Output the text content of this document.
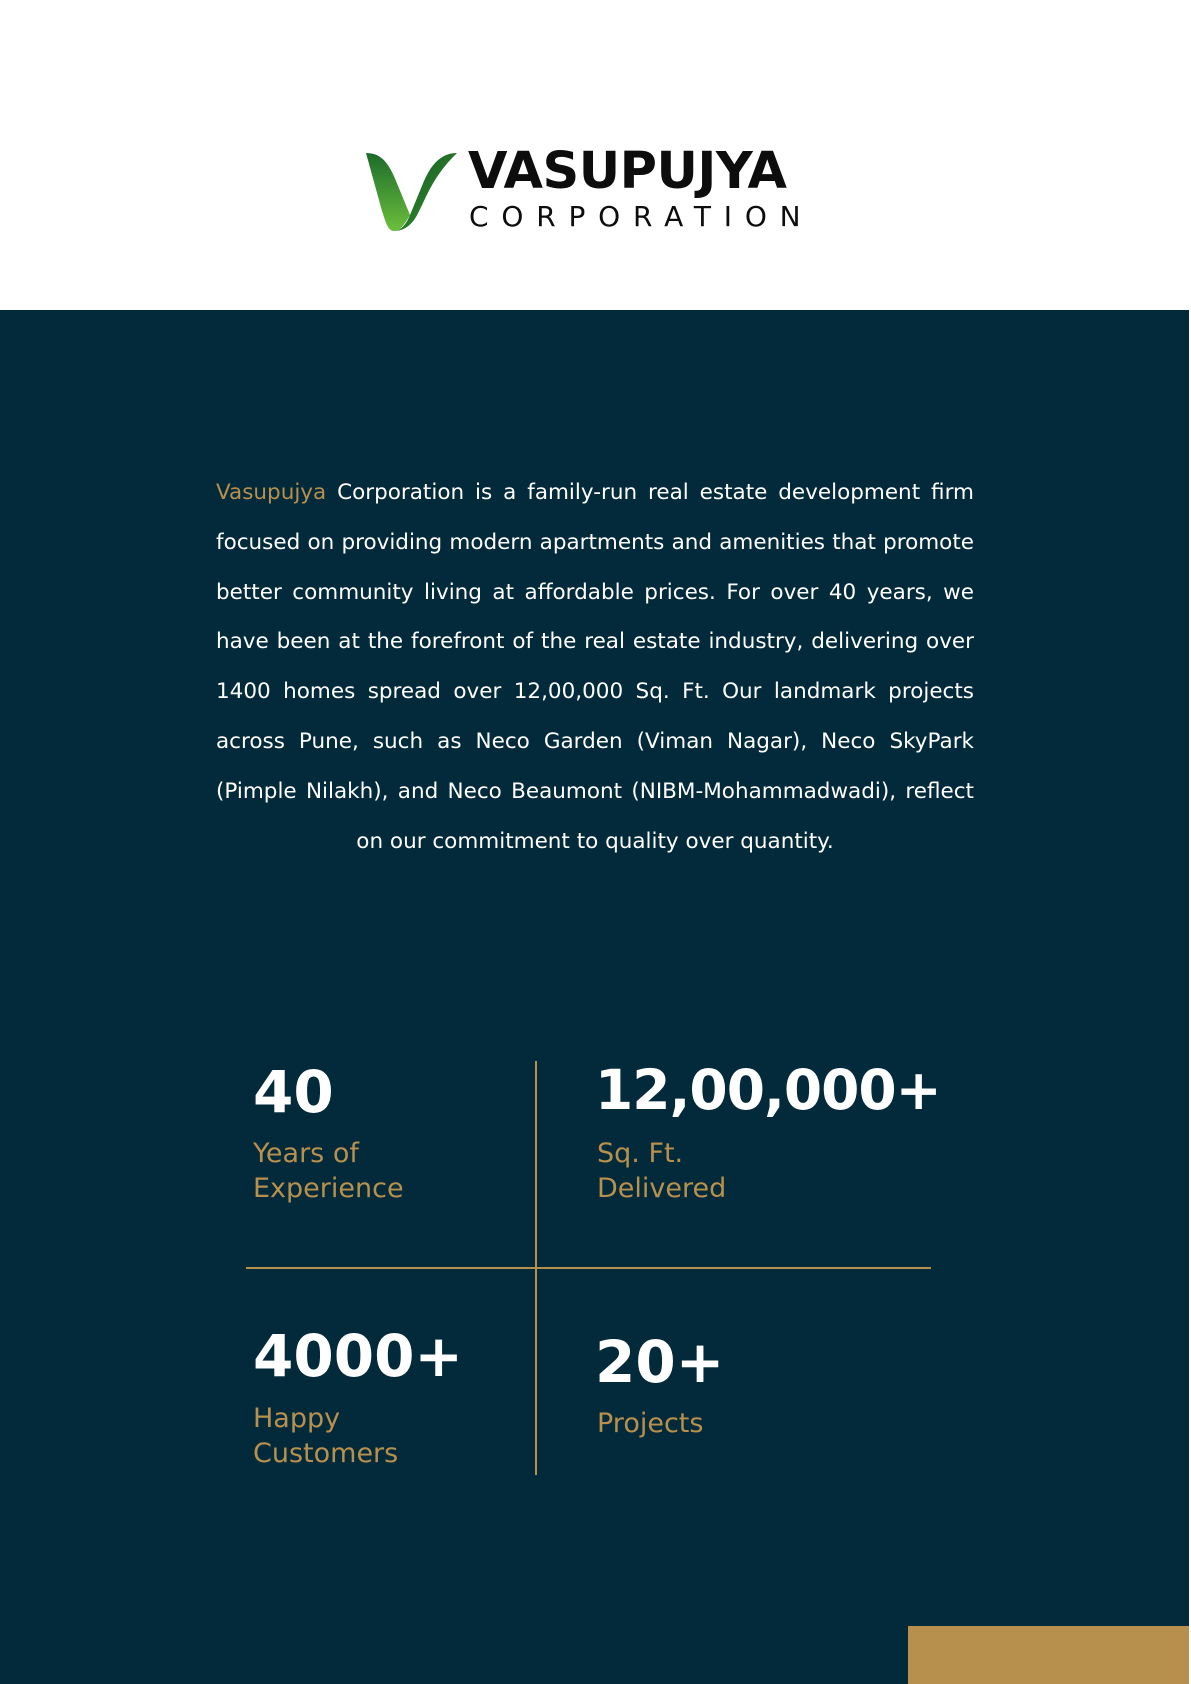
VASUPUJYA
CORPORATION

Vasupujya Corporation is a family-run real estate development firm focused on providing modern apartments and amenities that promote better community living at affordable prices. For over 40 years, we have been at the forefront of the real estate industry, delivering over 1400 homes spread over 12,00,000 Sq. Ft. Our landmark projects across Pune, such as Neco Garden (Viman Nagar), Neco SkyPark (Pimple Nilakh), and Neco Beaumont (NIBM-Mohammadwadi), reflect on our commitment to quality over quantity.

40
Years of
Experience
12,00,000+
Sq. Ft.
Delivered
4000+
Happy
Customers
20+
Projects
